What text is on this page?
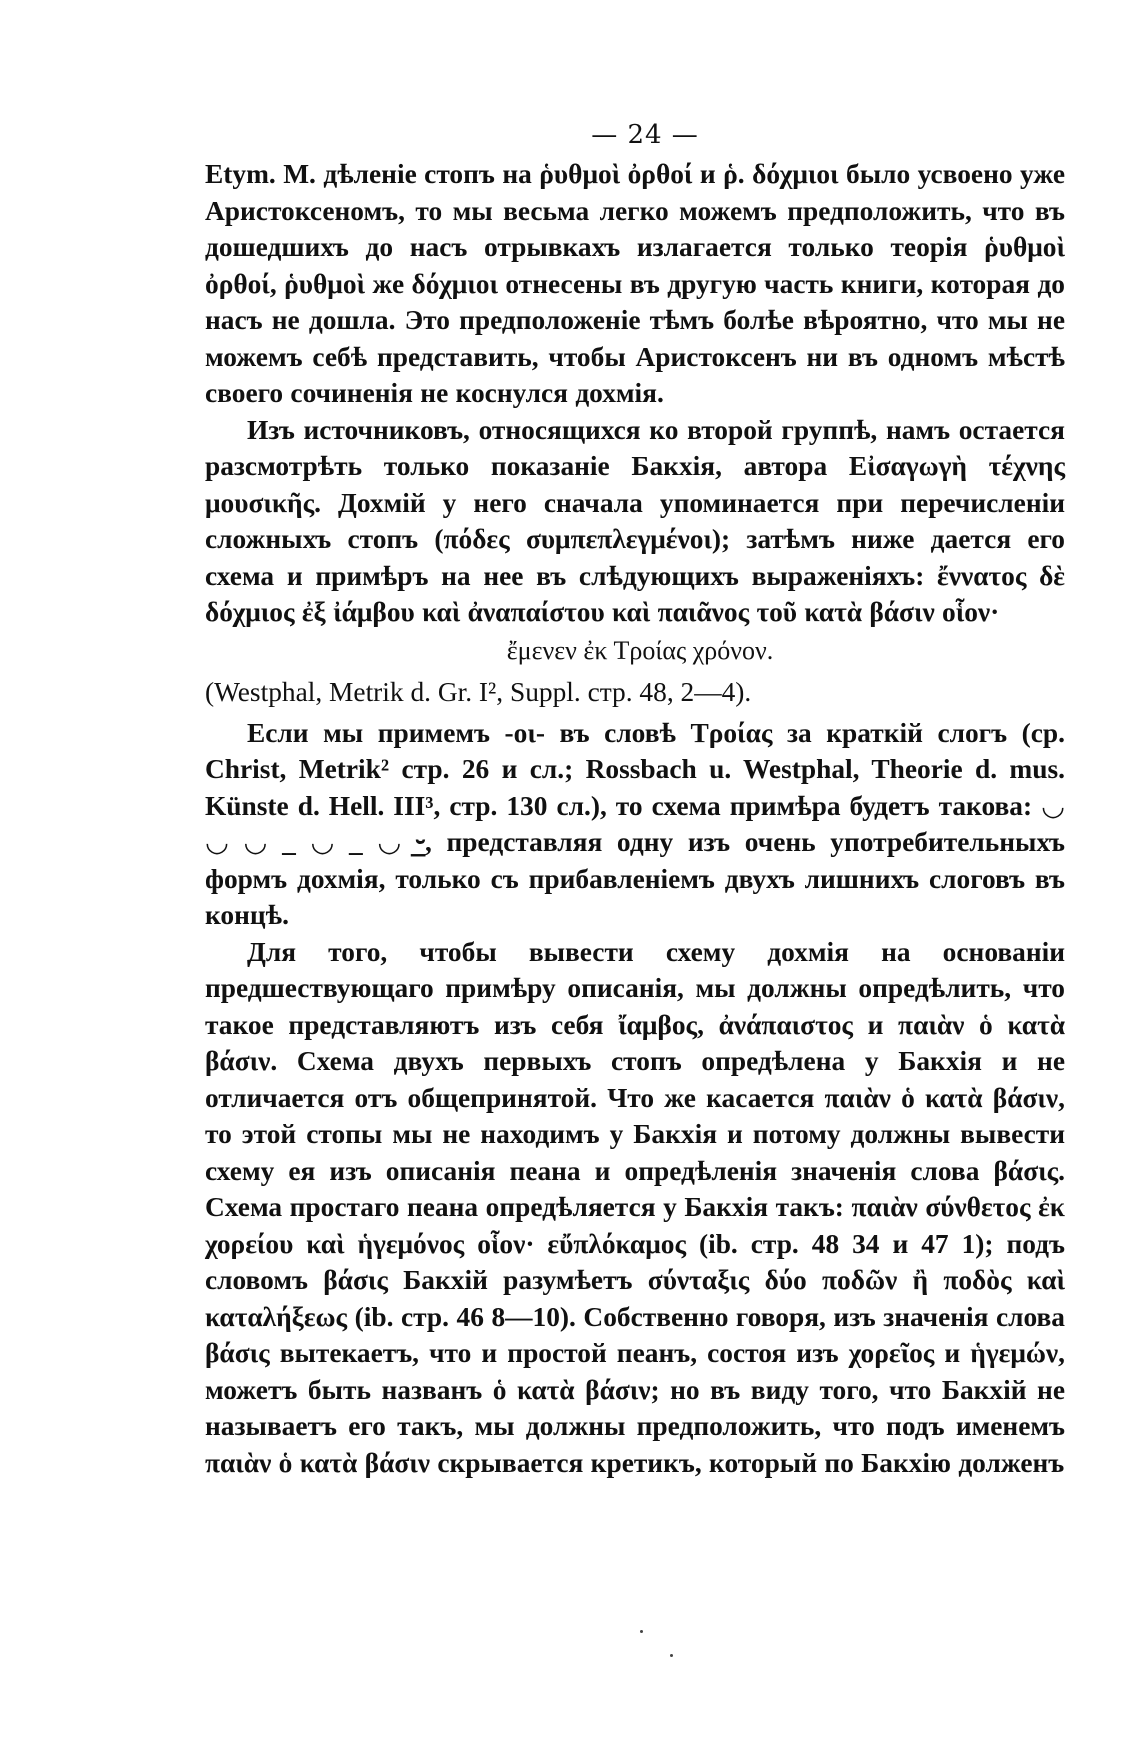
— 24 —

Etym. M. дѣленіе стопъ на ῥυθμοὶ ὀρθοί и ῥ. δόχμιοι было усвоено уже Аристоксеномъ, то мы весьма легко можемъ предположить, что въ дошедшихъ до насъ отрывкахъ излагается только теорія ῥυθμοὶ ὀρθοί, ῥυθμοὶ же δόχμιοι отнесены въ другую часть книги, которая до насъ не дошла. Это предположеніе тѣмъ болѣе вѣроятно, что мы не можемъ себѣ представить, чтобы Аристоксенъ ни въ одномъ мѣстѣ своего сочиненія не коснулся дохмія.

Изъ источниковъ, относящихся ко второй группѣ, намъ остается разсмотрѣть только показаніе Бакхія, автора Εἰσαγωγὴ τέχνης μουσικῆς. Дохмій у него сначала упоминается при перечисленіи сложныхъ стопъ (πόδες συμπεπλεγμένοι); затѣмъ ниже дается его схема и примѣръ на нее въ слѣдующихъ выраженіяхъ: ἔννατος δὲ δόχμιος ἐξ ἰάμβου καὶ ἀναπαίστου καὶ παιᾶνος τοῦ κατὰ βάσιν οἷον·

ἔμενεν ἐκ Τροίας χρόνον.

(Westphal, Metrik d. Gr. I², Suppl. стр. 48, 2—4).

Если мы примемъ -οι- въ словѣ Τροίας за краткій слогъ (ср. Christ, Metrik² стр. 26 и сл.; Rossbach u. Westphal, Theorie d. mus. Künste d. Hell. III³, стр. 130 сл.), то схема примѣра будетъ такова: ◡ ◡ ◡ _ ◡ _ ◡ ⏑̲, представляя одну изъ очень употребительныхъ формъ дохмія, только съ прибавленіемъ двухъ лишнихъ слоговъ въ концѣ.

Для того, чтобы вывести схему дохмія на основаніи предшествующаго примѣру описанія, мы должны опредѣлить, что такое представляютъ изъ себя ἴαμβος, ἀνάπαιστος и παιὰν ὁ κατὰ βάσιν. Схема двухъ первыхъ стопъ опредѣлена у Бакхія и не отличается отъ общепринятой. Что же касается παιὰν ὁ κατὰ βάσιν, то этой стопы мы не находимъ у Бакхія и потому должны вывести схему ея изъ описанія пеана и опредѣленія значенія слова βάσις. Схема простаго пеана опредѣляется у Бакхія такъ: παιὰν σύνθετος ἐκ χορείου καὶ ἡγεμόνος οἷον· εὔπλόκαμος (ib. стр. 48 34 и 47 1); подъ словомъ βάσις Бакхій разумѣетъ σύνταξις δύο ποδῶν ἢ ποδὸς καὶ καταλήξεως (ib. стр. 46 8—10). Собственно говоря, изъ значенія слова βάσις вытекаетъ, что и простой пеанъ, состоя изъ χορεῖος и ἡγεμών, можетъ быть названъ ὁ κατὰ βάσιν; но въ виду того, что Бакхій не называетъ его такъ, мы должны предположить, что подъ именемъ παιὰν ὁ κατὰ βάσιν скрывается кретикъ, который по Бакхію долженъ
